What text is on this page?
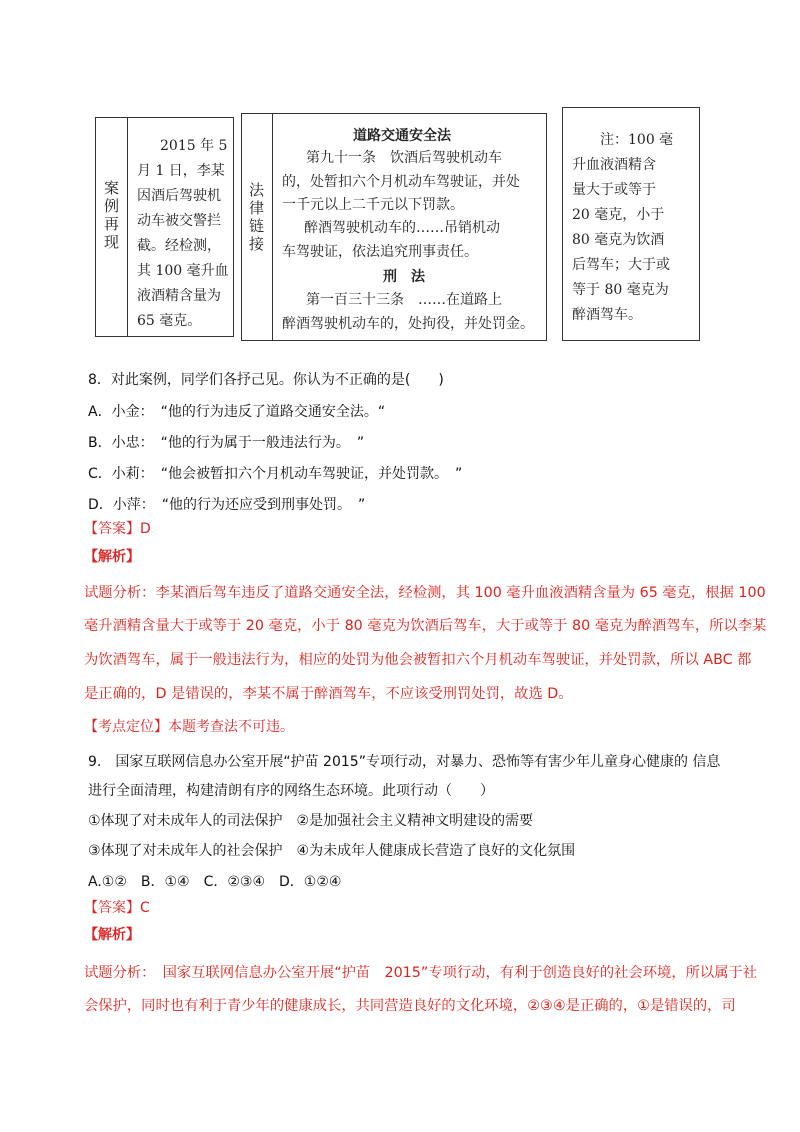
案例再现
2015 年 5
月 1 日，李某
因酒后驾驶机
动车被交警拦
截。经检测，
其 100 毫升血
液酒精含量为
65 毫克。
法律链接
道路交通安全法
第九十一条　饮酒后驾驶机动车
的，处暂扣六个月机动车驾驶证，并处
一千元以上二千元以下罚款。
　醉酒驾驶机动车的……吊销机动
车驾驶证，依法追究刑事责任。
刑　法
第一百三十三条　……在道路上
醉酒驾驶机动车的，处拘役，并处罚金。
注：100 毫
升血液酒精含
量大于或等于
20 毫克，小于
80 毫克为饮酒
后驾车；大于或
等于 80 毫克为
醉酒驾车。
8．对此案例，同学们各抒己见。你认为不正确的是(　　)
A．小金：　“他的行为违反了道路交通安全法。“
B．小忠：　“他的行为属于一般违法行为。　”
C．小莉：　“他会被暂扣六个月机动车驾驶证，并处罚款。　”
D．小萍：　“他的行为还应受到刑事处罚。　”
【答案】D
【解析】
试题分析：李某酒后驾车违反了道路交通安全法，经检测，其 100 毫升血液酒精含量为 65 毫克，根据 100
毫升酒精含量大于或等于 20 毫克，小于 80 毫克为饮酒后驾车，大于或等于 80 毫克为醉酒驾车，所以李某
为饮酒驾车，属于一般违法行为，相应的处罚为他会被暂扣六个月机动车驾驶证，并处罚款，所以 ABC 都
是正确的，D 是错误的，李某不属于醉酒驾车，不应该受刑罚处罚，故选 D。
【考点定位】本题考查法不可违。
9.　国家互联网信息办公室开展“护苗 2015”专项行动，对暴力、恐怖等有害少年儿童身心健康的 信息
进行全面清理，构建清朗有序的网络生态环境。此项行动（　　）
①体现了对未成年人的司法保护　②是加强社会主义精神文明建设的需要
③体现了对未成年人的社会保护　④为未成年人健康成长营造了良好的文化氛围
A.①②　B．①④　C．②③④　D．①②④
【答案】C
【解析】
试题分析：　国家互联网信息办公室开展“护苗　2015”专项行动，有利于创造良好的社会环境，所以属于社
会保护，同时也有利于青少年的健康成长，共同营造良好的文化环境，②③④是正确的，①是错误的，司
